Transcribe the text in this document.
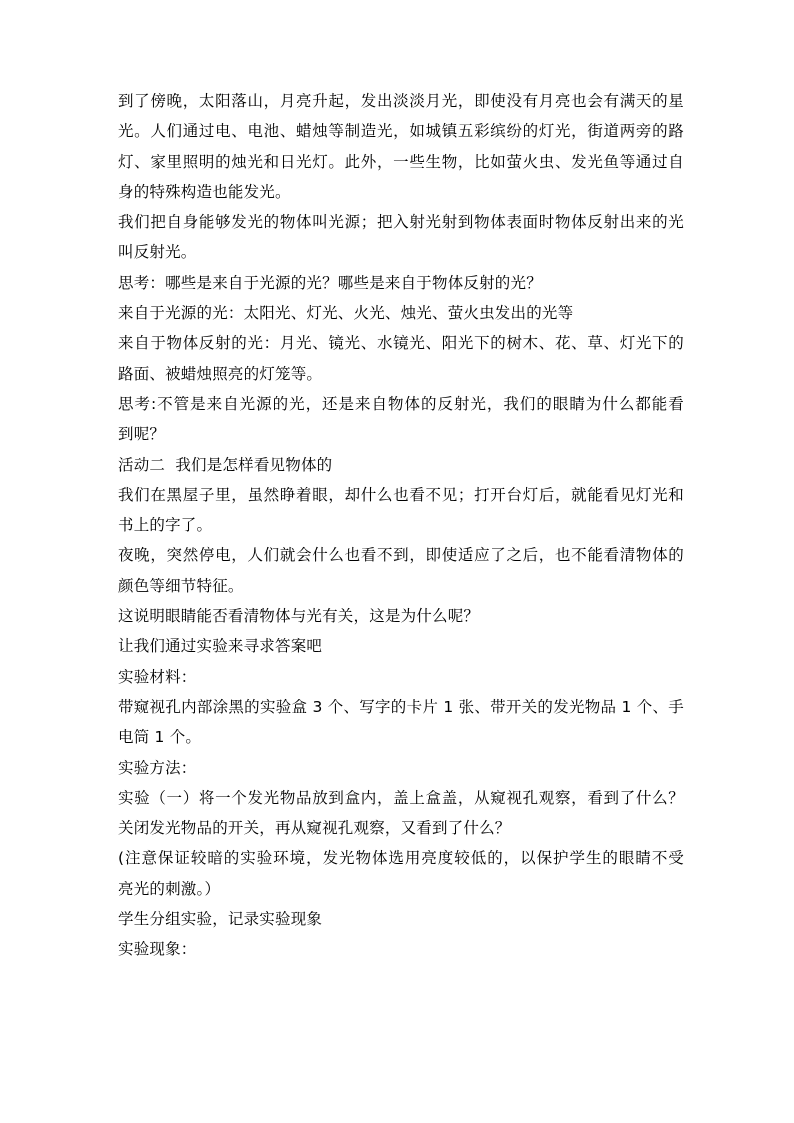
到了傍晚，太阳落山，月亮升起，发出淡淡月光，即使没有月亮也会有满天的星
光。人们通过电、电池、蜡烛等制造光，如城镇五彩缤纷的灯光，街道两旁的路
灯、家里照明的烛光和日光灯。此外，一些生物，比如萤火虫、发光鱼等通过自
身的特殊构造也能发光。
我们把自身能够发光的物体叫光源；把入射光射到物体表面时物体反射出来的光
叫反射光。
思考：哪些是来自于光源的光？哪些是来自于物体反射的光？
来自于光源的光：太阳光、灯光、火光、烛光、萤火虫发出的光等
来自于物体反射的光：月光、镜光、水镜光、阳光下的树木、花、草、灯光下的
路面、被蜡烛照亮的灯笼等。
思考:不管是来自光源的光，还是来自物体的反射光，我们的眼睛为什么都能看
到呢？
活动二  我们是怎样看见物体的
我们在黑屋子里，虽然睁着眼，却什么也看不见；打开台灯后，就能看见灯光和
书上的字了。
夜晚，突然停电，人们就会什么也看不到，即使适应了之后，也不能看清物体的
颜色等细节特征。
这说明眼睛能否看清物体与光有关，这是为什么呢？
让我们通过实验来寻求答案吧
实验材料：
带窥视孔内部涂黑的实验盒 3 个、写字的卡片 1 张、带开关的发光物品 1 个、手
电筒 1 个。
实验方法：
实验（一）将一个发光物品放到盒内，盖上盒盖，从窥视孔观察，看到了什么？
关闭发光物品的开关，再从窥视孔观察，又看到了什么？
(注意保证较暗的实验环境，发光物体选用亮度较低的，以保护学生的眼睛不受
亮光的刺激。）
学生分组实验，记录实验现象
实验现象：
